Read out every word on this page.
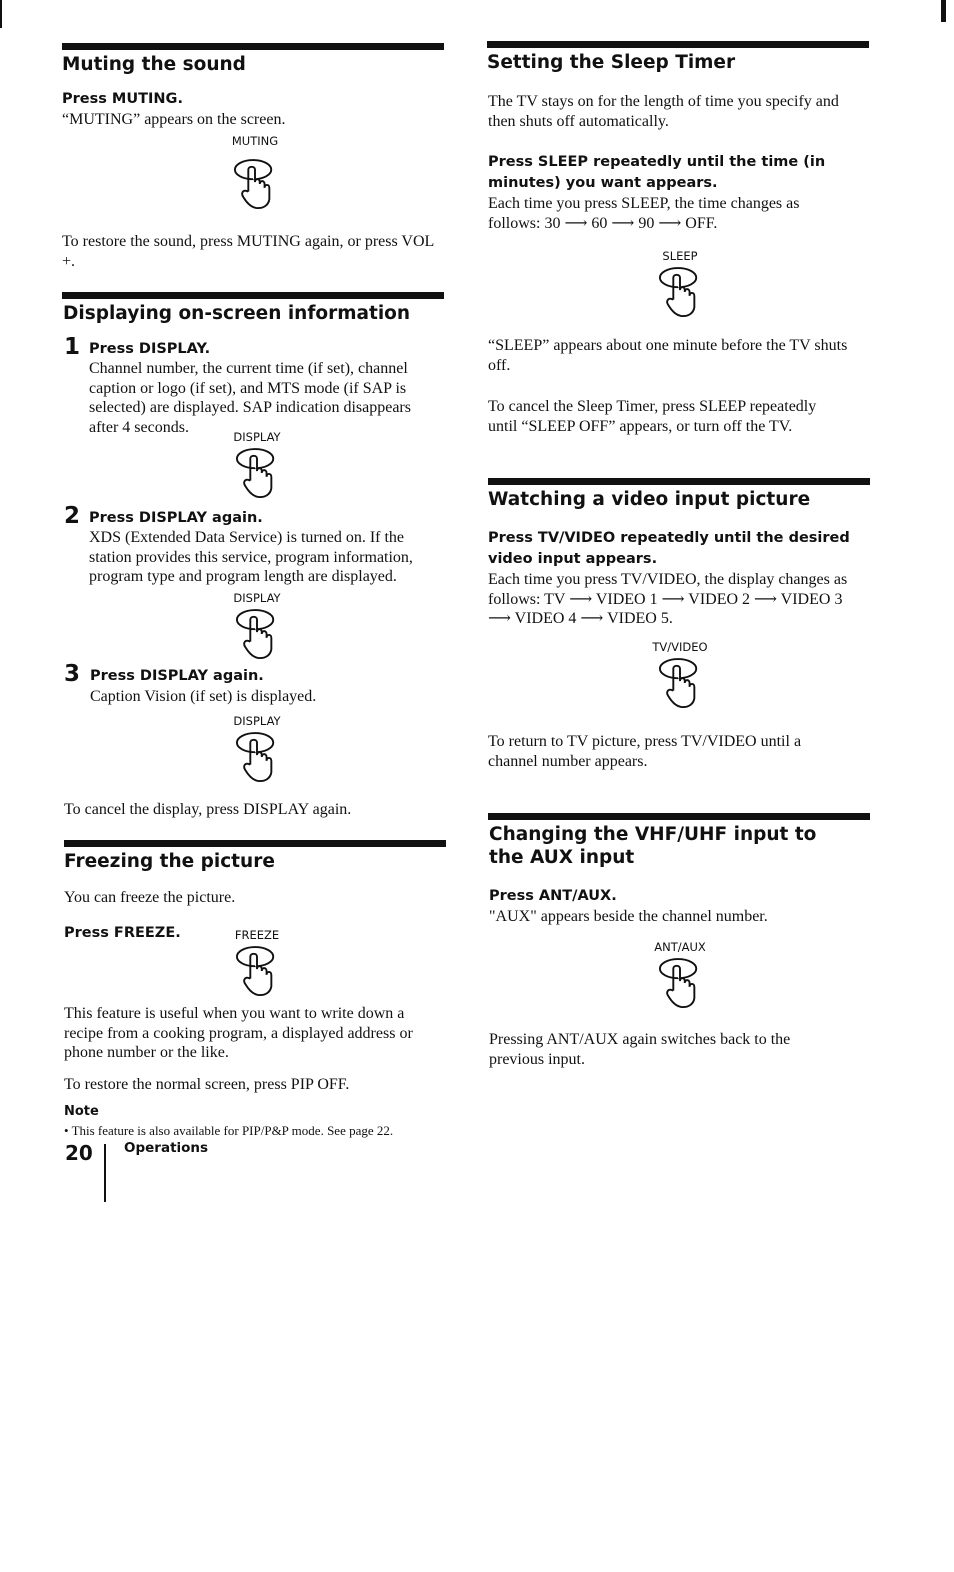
Muting the sound
Press MUTING.
“MUTING” appears on the screen.
MUTING
To restore the sound, press MUTING again, or press VOL +.
Displaying on-screen information
1 Press DISPLAY.
Channel number, the current time (if set), channel caption or logo (if set), and MTS mode (if SAP is selected) are displayed. SAP indication disappears after 4 seconds.
DISPLAY
2 Press DISPLAY again.
XDS (Extended Data Service) is turned on. If the station provides this service, program information, program type and program length are displayed.
DISPLAY
3 Press DISPLAY again.
Caption Vision (if set) is displayed.
DISPLAY
To cancel the display, press DISPLAY again.
Freezing the picture
You can freeze the picture.
Press FREEZE.	FREEZE
This feature is useful when you want to write down a recipe from a cooking program, a displayed address or phone number or the like.
To restore the normal screen, press PIP OFF.
Note
• This feature is also available for PIP/P&P mode. See page 22.
20 Operations
Setting the Sleep Timer
The TV stays on for the length of time you specify and then shuts off automatically.
Press SLEEP repeatedly until the time (in minutes) you want appears.
Each time you press SLEEP, the time changes as follows: 30 ⟶ 60 ⟶ 90 ⟶ OFF.
SLEEP
“SLEEP” appears about one minute before the TV shuts off.
To cancel the Sleep Timer, press SLEEP repeatedly until “SLEEP OFF” appears, or turn off the TV.
Watching a video input picture
Press TV/VIDEO repeatedly until the desired video input appears.
Each time you press TV/VIDEO, the display changes as follows: TV ⟶ VIDEO 1 ⟶ VIDEO 2 ⟶ VIDEO 3 ⟶ VIDEO 4 ⟶ VIDEO 5.
TV/VIDEO
To return to TV picture, press TV/VIDEO until a channel number appears.
Changing the VHF/UHF input to the AUX input
Press ANT/AUX.
"AUX" appears beside the channel number.
ANT/AUX
Pressing ANT/AUX again switches back to the previous input.
